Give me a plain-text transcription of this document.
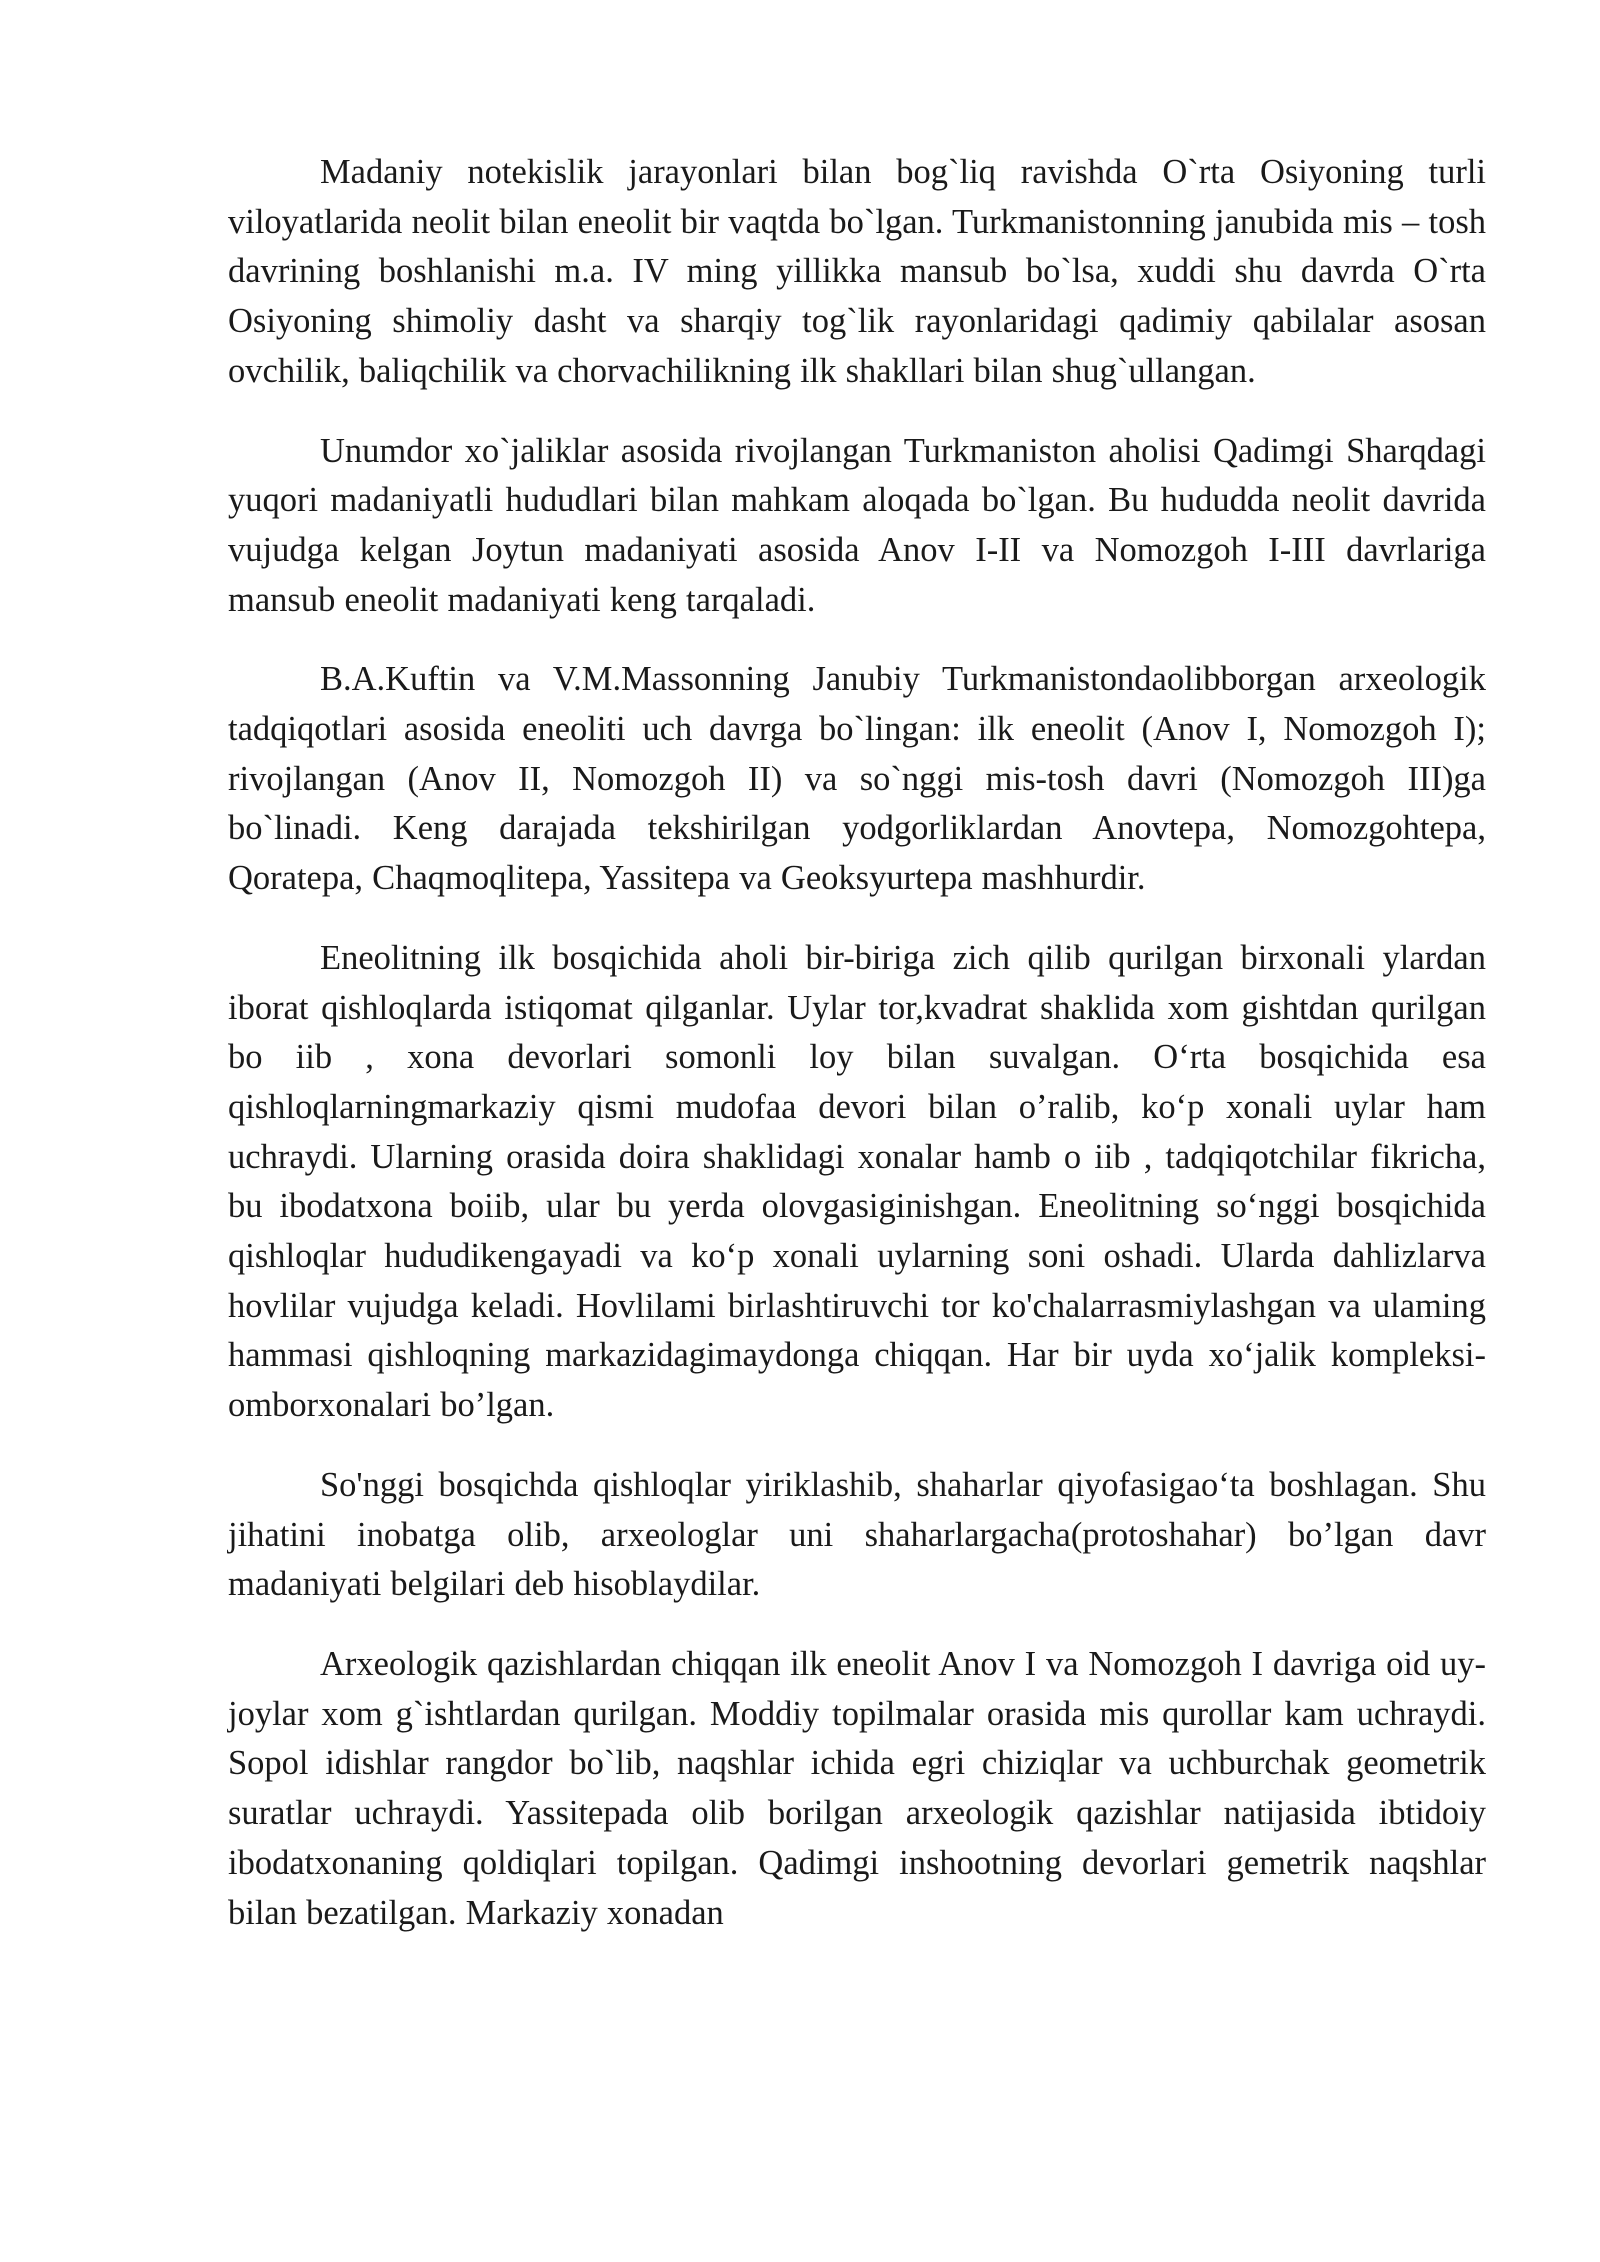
Madaniy notekislik jarayonlari bilan bog`liq ravishda O`rta Osiyoning turli viloyatlarida neolit bilan eneolit bir vaqtda bo`lgan. Turkmanistonning janubida mis – tosh davrining boshlanishi m.a. IV ming yillikka mansub bo`lsa, xuddi shu davrda O`rta Osiyoning shimoliy dasht va sharqiy tog`lik rayonlaridagi qadimiy qabilalar asosan ovchilik, baliqchilik va chorvachilikning ilk shakllari bilan shug`ullangan.

Unumdor xo`jaliklar asosida rivojlangan Turkmaniston aholisi Qadimgi Sharqdagi yuqori madaniyatli hududlari bilan mahkam aloqada bo`lgan. Bu hududda neolit davrida vujudga kelgan Joytun madaniyati asosida Anov I-II va Nomozgoh I-III davrlariga mansub eneolit madaniyati keng tarqaladi.

B.A.Kuftin va V.M.Massonning Janubiy Turkmanistondaolibborgan arxeologik tadqiqotlari asosida eneoliti uch davrga bo`lingan: ilk eneolit (Anov I, Nomozgoh I); rivojlangan (Anov II, Nomozgoh II) va so`nggi mis-tosh davri (Nomozgoh III)ga bo`linadi. Keng darajada tekshirilgan yodgorliklardan Anovtepa, Nomozgohtepa, Qoratepa, Chaqmoqlitepa, Yassitepa va Geoksyurtepa mashhurdir.

Eneolitning ilk bosqichida aholi bir-biriga zich qilib qurilgan birxonali ylardan iborat qishloqlarda istiqomat qilganlar. Uylar tor,kvadrat shaklida xom gishtdan qurilgan bo iib , xona devorlari somonli loy bilan suvalgan. O‘rta bosqichida esa qishloqlarningmarkaziy qismi mudofaa devori bilan o’ralib, ko‘p xonali uylar ham uchraydi. Ularning orasida doira shaklidagi xonalar hamb o iib , tadqiqotchilar fikricha, bu ibodatxona boiib, ular bu yerda olovgasiginishgan. Eneolitning so‘nggi bosqichida qishloqlar hududikengayadi va ko‘p xonali uylarning soni oshadi. Ularda dahlizlarva hovlilar vujudga keladi. Hovlilami birlashtiruvchi tor ko'chalarrasmiylashgan va ulaming hammasi qishloqning markazidagimaydonga chiqqan. Har bir uyda xo‘jalik kompleksi-omborxonalari bo’lgan.

So'nggi bosqichda qishloqlar yiriklashib, shaharlar qiyofasigao‘ta boshlagan. Shu jihatini inobatga olib, arxeologlar uni shaharlargacha(protoshahar) bo’lgan davr madaniyati belgilari deb hisoblaydilar.

Arxeologik qazishlardan chiqqan ilk eneolit Anov I va Nomozgoh I davriga oid uy-joylar xom g`ishtlardan qurilgan. Moddiy topilmalar orasida mis qurollar kam uchraydi. Sopol idishlar rangdor bo`lib, naqshlar ichida egri chiziqlar va uchburchak geometrik suratlar uchraydi. Yassitepada olib borilgan arxeologik qazishlar natijasida ibtidoiy ibodatxonaning qoldiqlari topilgan. Qadimgi inshootning devorlari gemetrik naqshlar bilan bezatilgan. Markaziy xonadan
